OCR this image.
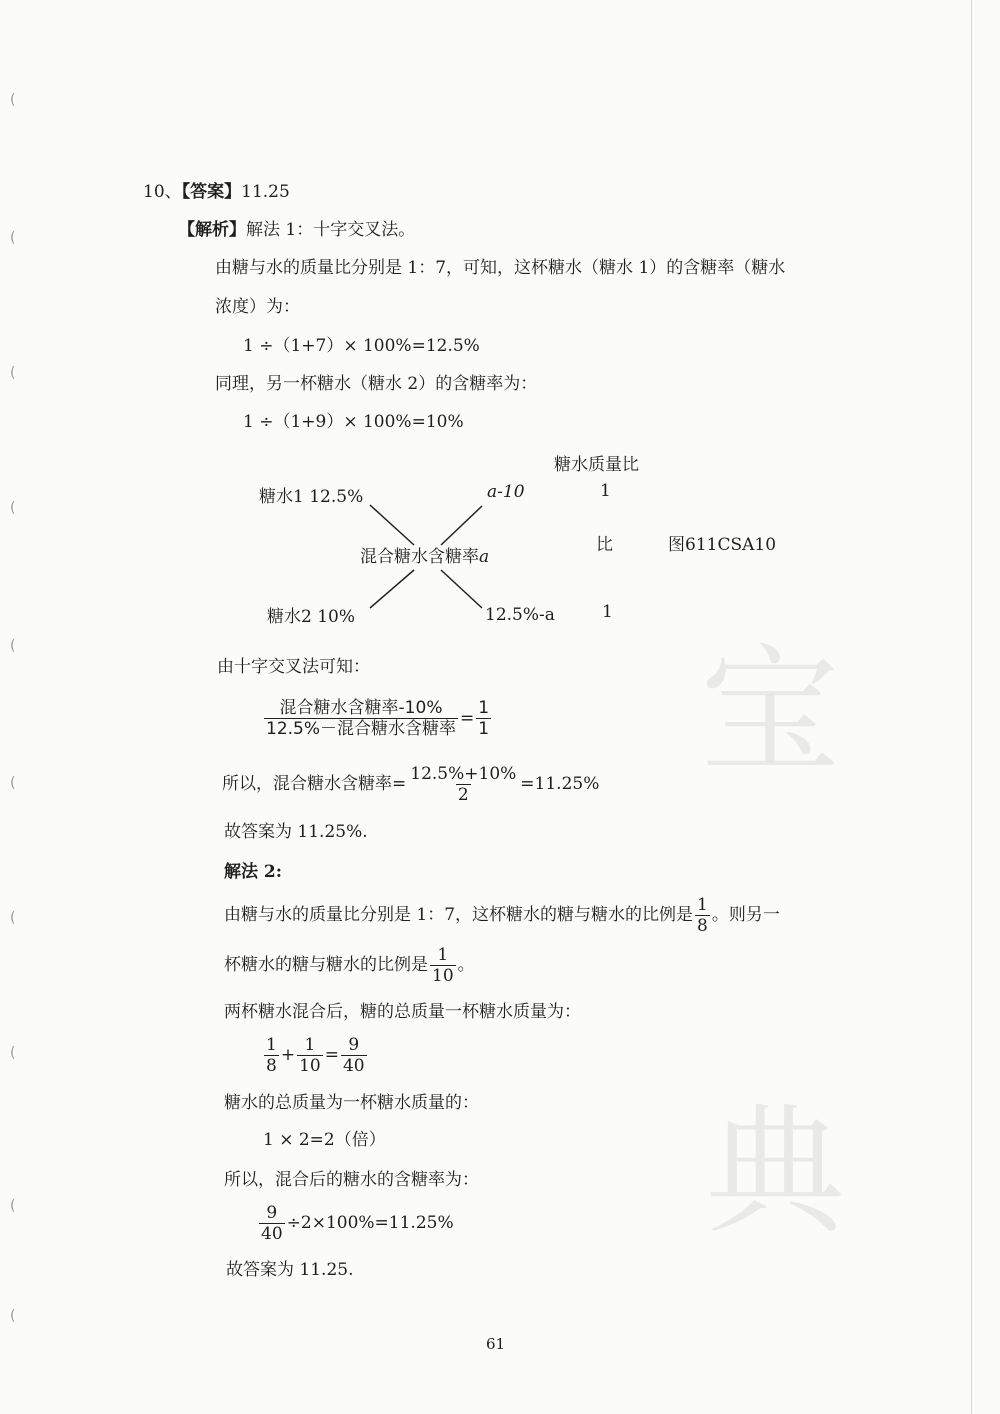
(
(
(
(
(
(
(
(
(
(
宝
典
10、【答案】11.25
【解析】解法 1：十字交叉法。
由糖与水的质量比分别是 1：7，可知，这杯糖水（糖水 1）的含糖率（糖水
浓度）为：
1 ÷（1+7）× 100%=12.5%
同理，另一杯糖水（糖水 2）的含糖率为：
1 ÷（1+9）× 100%=10%
糖水质量比
糖水1 12.5%	a-10	1
混合糖水含糖率a
比	图611CSA10
糖水2 10%	12.5%-a	1
由十字交叉法可知：
$\frac{\text{混合糖水含糖率-10\%}}{\text{12.5\%－混合糖水含糖率}} = \frac{1}{1}$
所以，混合糖水含糖率= $\frac{12.5\%+10\%}{2} =11.25\%$
故答案为 11.25%.
解法 2:
由糖与水的质量比分别是 1：7，这杯糖水的糖与糖水的比例是 $\frac{1}{8}$ 。则另一
杯糖水的糖与糖水的比例是 $\frac{1}{10}$ 。
两杯糖水混合后，糖的总质量一杯糖水质量为：
$\frac{1}{8} + \frac{1}{10} = \frac{9}{40}$
糖水的总质量为一杯糖水质量的：
1 × 2=2（倍）
所以，混合后的糖水的含糖率为：
$\frac{9}{40} \div 2\times 100\%=11.25\%$
故答案为 11.25.
61
